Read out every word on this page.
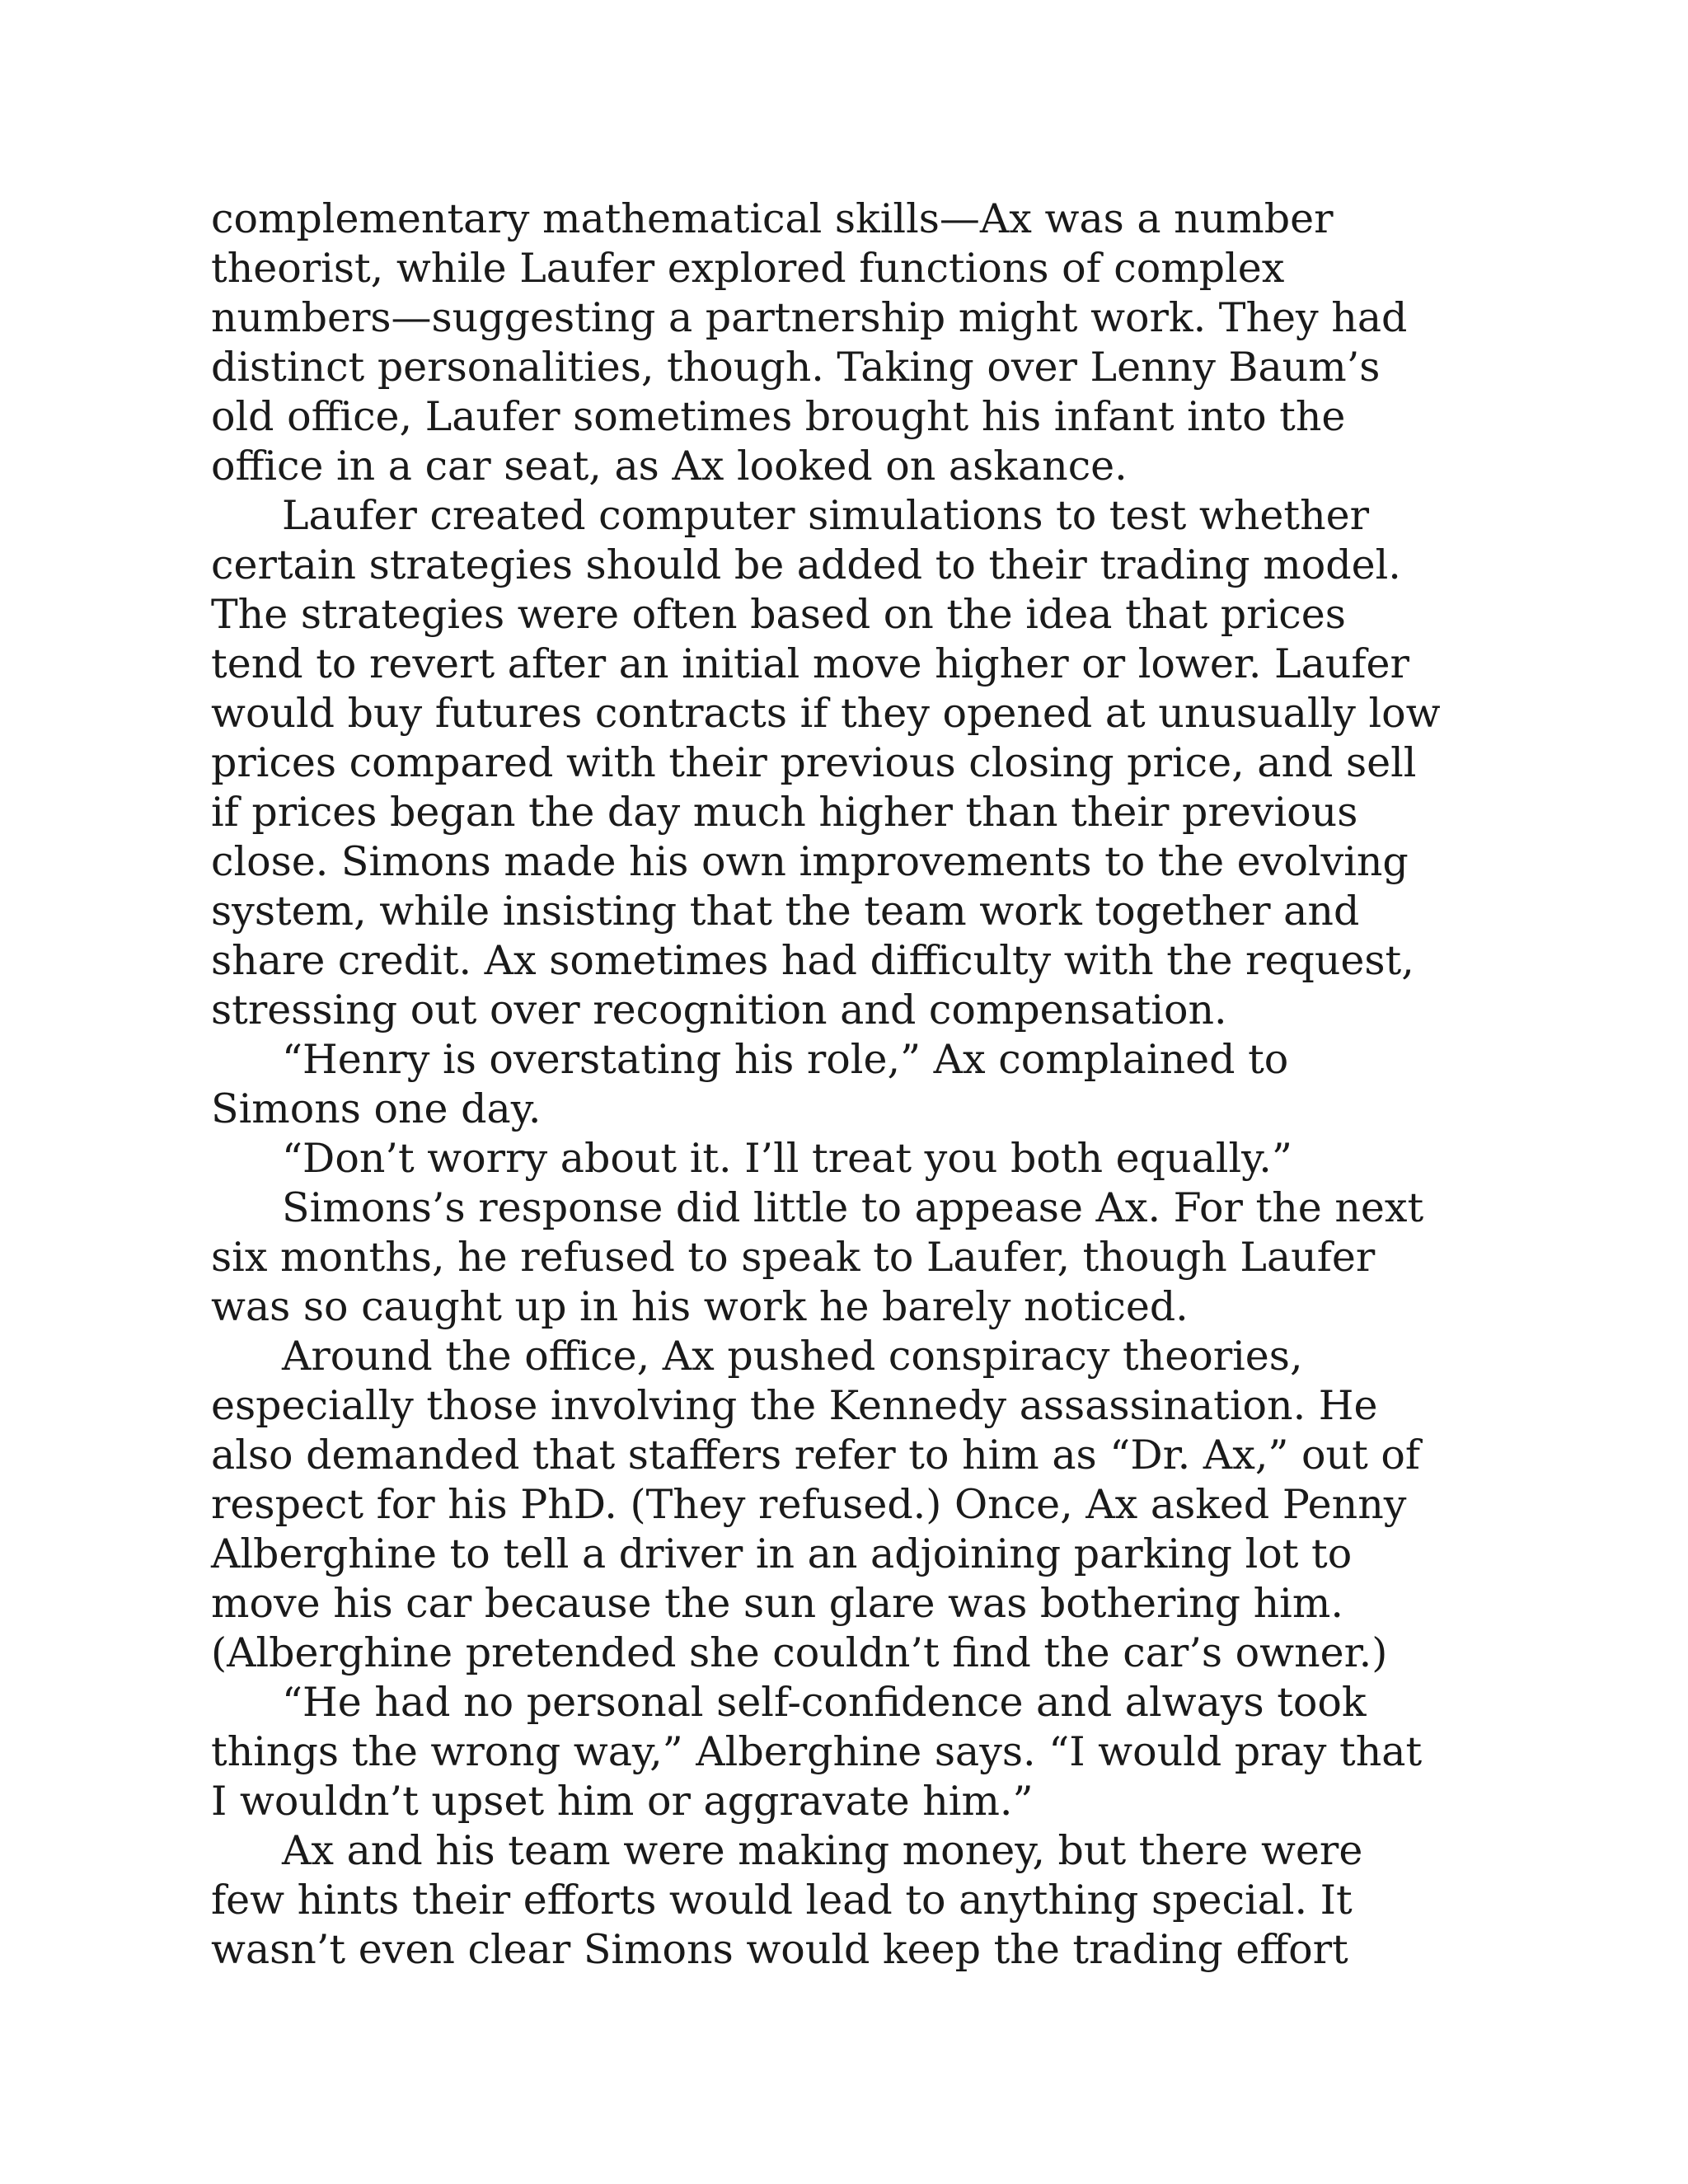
complementary mathematical skills—Ax was a number
theorist, while Laufer explored functions of complex
numbers—suggesting a partnership might work. They had
distinct personalities, though. Taking over Lenny Baum’s
old office, Laufer sometimes brought his infant into the
office in a car seat, as Ax looked on askance.
Laufer created computer simulations to test whether
certain strategies should be added to their trading model.
The strategies were often based on the idea that prices
tend to revert after an initial move higher or lower. Laufer
would buy futures contracts if they opened at unusually low
prices compared with their previous closing price, and sell
if prices began the day much higher than their previous
close. Simons made his own improvements to the evolving
system, while insisting that the team work together and
share credit. Ax sometimes had difficulty with the request,
stressing out over recognition and compensation.
“Henry is overstating his role,” Ax complained to
Simons one day.
“Don’t worry about it. I’ll treat you both equally.”
Simons’s response did little to appease Ax. For the next
six months, he refused to speak to Laufer, though Laufer
was so caught up in his work he barely noticed.
Around the office, Ax pushed conspiracy theories,
especially those involving the Kennedy assassination. He
also demanded that staffers refer to him as “Dr. Ax,” out of
respect for his PhD. (They refused.) Once, Ax asked Penny
Alberghine to tell a driver in an adjoining parking lot to
move his car because the sun glare was bothering him.
(Alberghine pretended she couldn’t find the car’s owner.)
“He had no personal self-confidence and always took
things the wrong way,” Alberghine says. “I would pray that
I wouldn’t upset him or aggravate him.”
Ax and his team were making money, but there were
few hints their efforts would lead to anything special. It
wasn’t even clear Simons would keep the trading effort
